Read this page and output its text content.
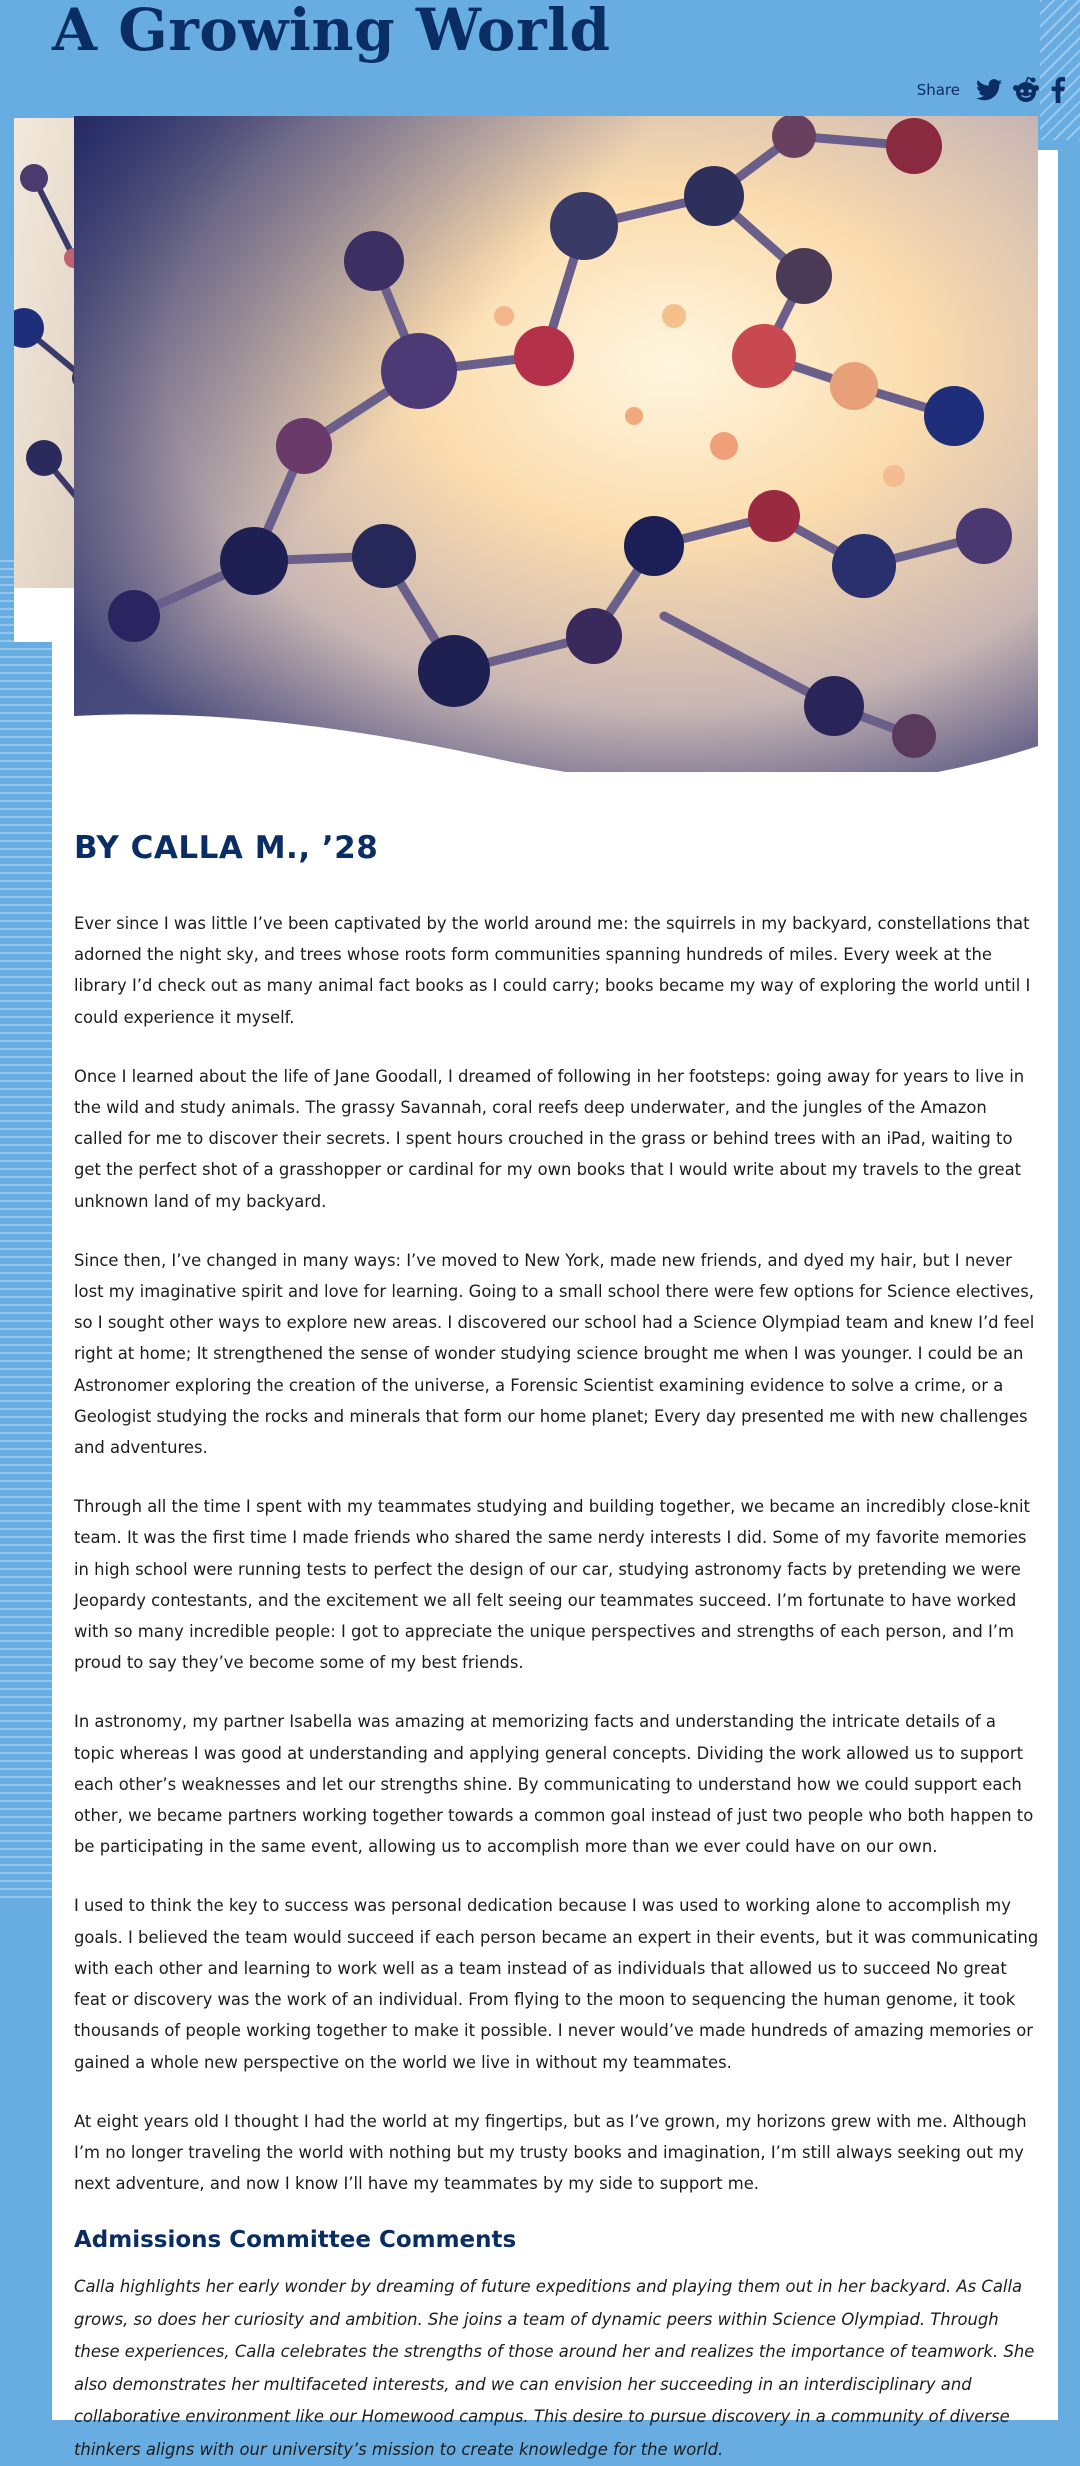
A Growing World
Share
BY CALLA M., ’28

Ever since I was little I’ve been captivated by the world around me: the squirrels in my backyard, constellations that adorned the night sky, and trees whose roots form communities spanning hundreds of miles. Every week at the library I’d check out as many animal fact books as I could carry; books became my way of exploring the world until I could experience it myself.

Once I learned about the life of Jane Goodall, I dreamed of following in her footsteps: going away for years to live in the wild and study animals. The grassy Savannah, coral reefs deep underwater, and the jungles of the Amazon called for me to discover their secrets. I spent hours crouched in the grass or behind trees with an iPad, waiting to get the perfect shot of a grasshopper or cardinal for my own books that I would write about my travels to the great unknown land of my backyard.

Since then, I’ve changed in many ways: I’ve moved to New York, made new friends, and dyed my hair, but I never lost my imaginative spirit and love for learning. Going to a small school there were few options for Science electives, so I sought other ways to explore new areas. I discovered our school had a Science Olympiad team and knew I’d feel right at home; It strengthened the sense of wonder studying science brought me when I was younger. I could be an Astronomer exploring the creation of the universe, a Forensic Scientist examining evidence to solve a crime, or a Geologist studying the rocks and minerals that form our home planet; Every day presented me with new challenges and adventures.

Through all the time I spent with my teammates studying and building together, we became an incredibly close-knit team. It was the first time I made friends who shared the same nerdy interests I did. Some of my favorite memories in high school were running tests to perfect the design of our car, studying astronomy facts by pretending we were Jeopardy contestants, and the excitement we all felt seeing our teammates succeed. I’m fortunate to have worked with so many incredible people: I got to appreciate the unique perspectives and strengths of each person, and I’m proud to say they’ve become some of my best friends.

In astronomy, my partner Isabella was amazing at memorizing facts and understanding the intricate details of a topic whereas I was good at understanding and applying general concepts. Dividing the work allowed us to support each other’s weaknesses and let our strengths shine. By communicating to understand how we could support each other, we became partners working together towards a common goal instead of just two people who both happen to be participating in the same event, allowing us to accomplish more than we ever could have on our own.

I used to think the key to success was personal dedication because I was used to working alone to accomplish my goals. I believed the team would succeed if each person became an expert in their events, but it was communicating with each other and learning to work well as a team instead of as individuals that allowed us to succeed No great feat or discovery was the work of an individual. From flying to the moon to sequencing the human genome, it took thousands of people working together to make it possible. I never would’ve made hundreds of amazing memories or gained a whole new perspective on the world we live in without my teammates.

At eight years old I thought I had the world at my fingertips, but as I’ve grown, my horizons grew with me. Although I’m no longer traveling the world with nothing but my trusty books and imagination, I’m still always seeking out my next adventure, and now I know I’ll have my teammates by my side to support me.

Admissions Committee Comments

Calla highlights her early wonder by dreaming of future expeditions and playing them out in her backyard. As Calla grows, so does her curiosity and ambition. She joins a team of dynamic peers within Science Olympiad. Through these experiences, Calla celebrates the strengths of those around her and realizes the importance of teamwork. She also demonstrates her multifaceted interests, and we can envision her succeeding in an interdisciplinary and collaborative environment like our Homewood campus. This desire to pursue discovery in a community of diverse thinkers aligns with our university’s mission to create knowledge for the world.
